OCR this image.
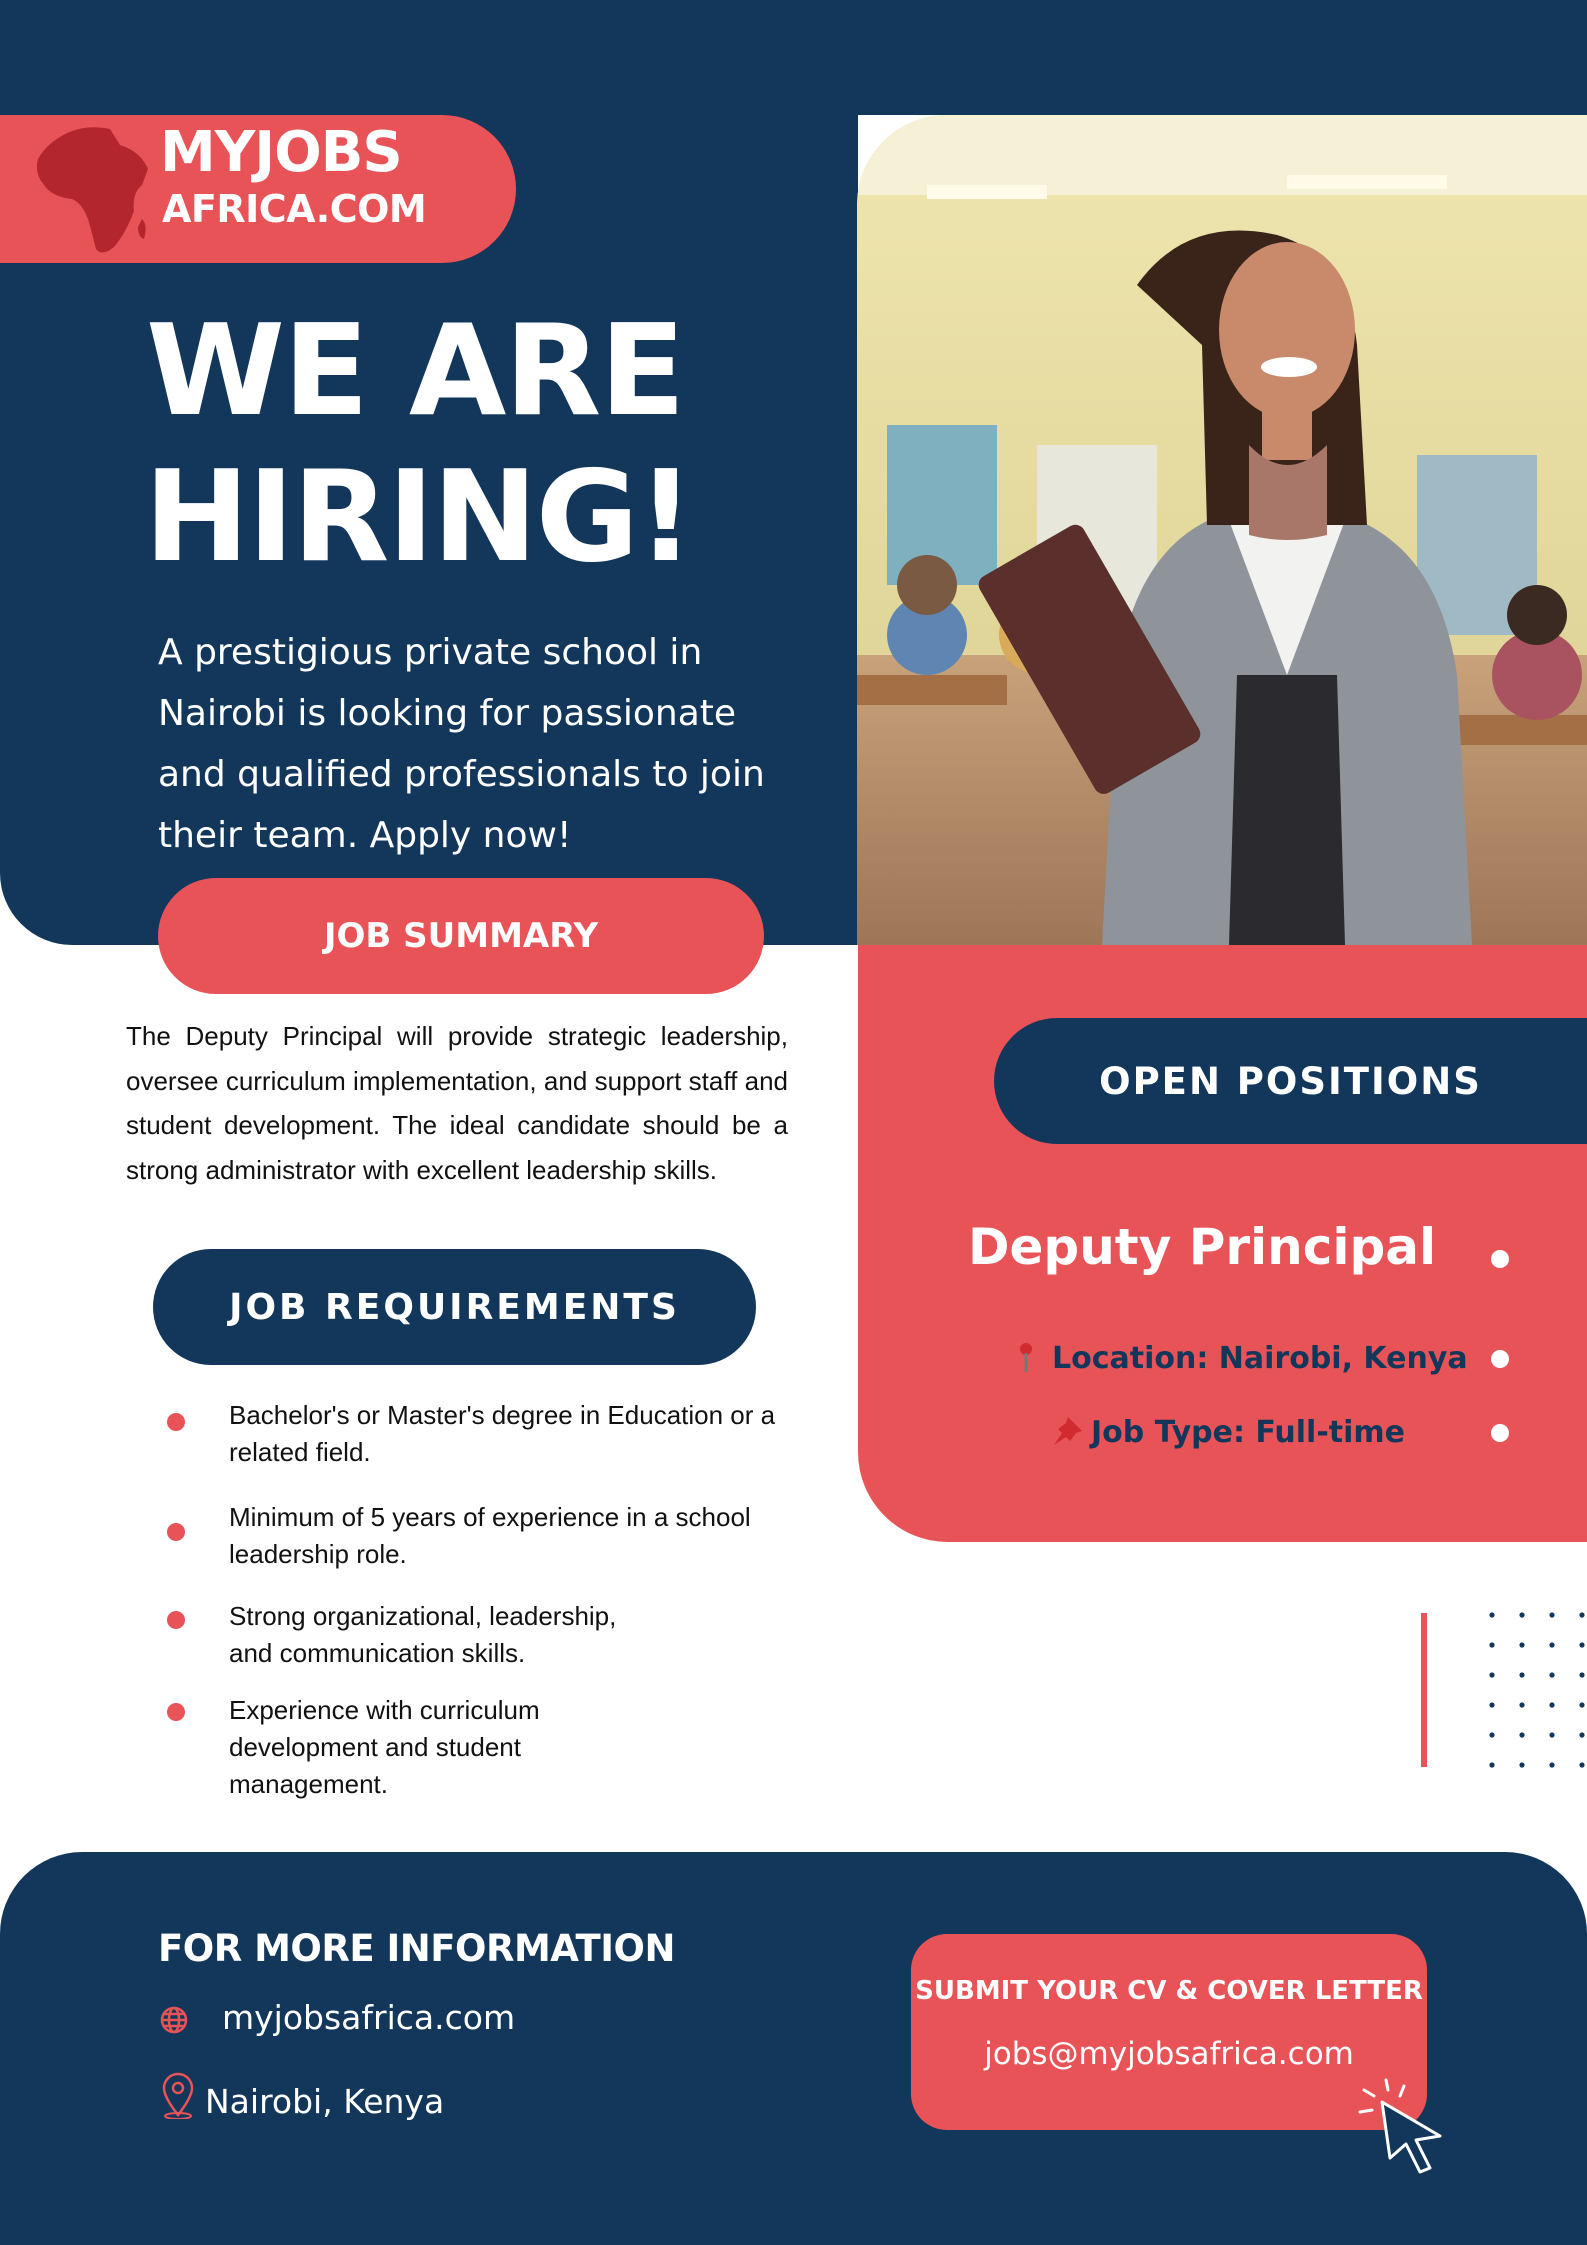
MYJOBS
AFRICA.COM
WE ARE
HIRING!
A prestigious private school in Nairobi is looking for passionate and qualified professionals to join their team. Apply now!
JOB SUMMARY
The Deputy Principal will provide strategic leadership, oversee curriculum implementation, and support staff and student development. The ideal candidate should be a strong administrator with excellent leadership skills.
JOB REQUIREMENTS
Bachelor's or Master's degree in Education or a related field.
Minimum of 5 years of experience in a school leadership role.
Strong organizational, leadership, and communication skills.
Experience with curriculum development and student management.
OPEN POSITIONS
Deputy Principal
Location: Nairobi, Kenya
Job Type: Full-time
FOR MORE INFORMATION
myjobsafrica.com
Nairobi, Kenya
SUBMIT YOUR CV & COVER LETTER
jobs@myjobsafrica.com
